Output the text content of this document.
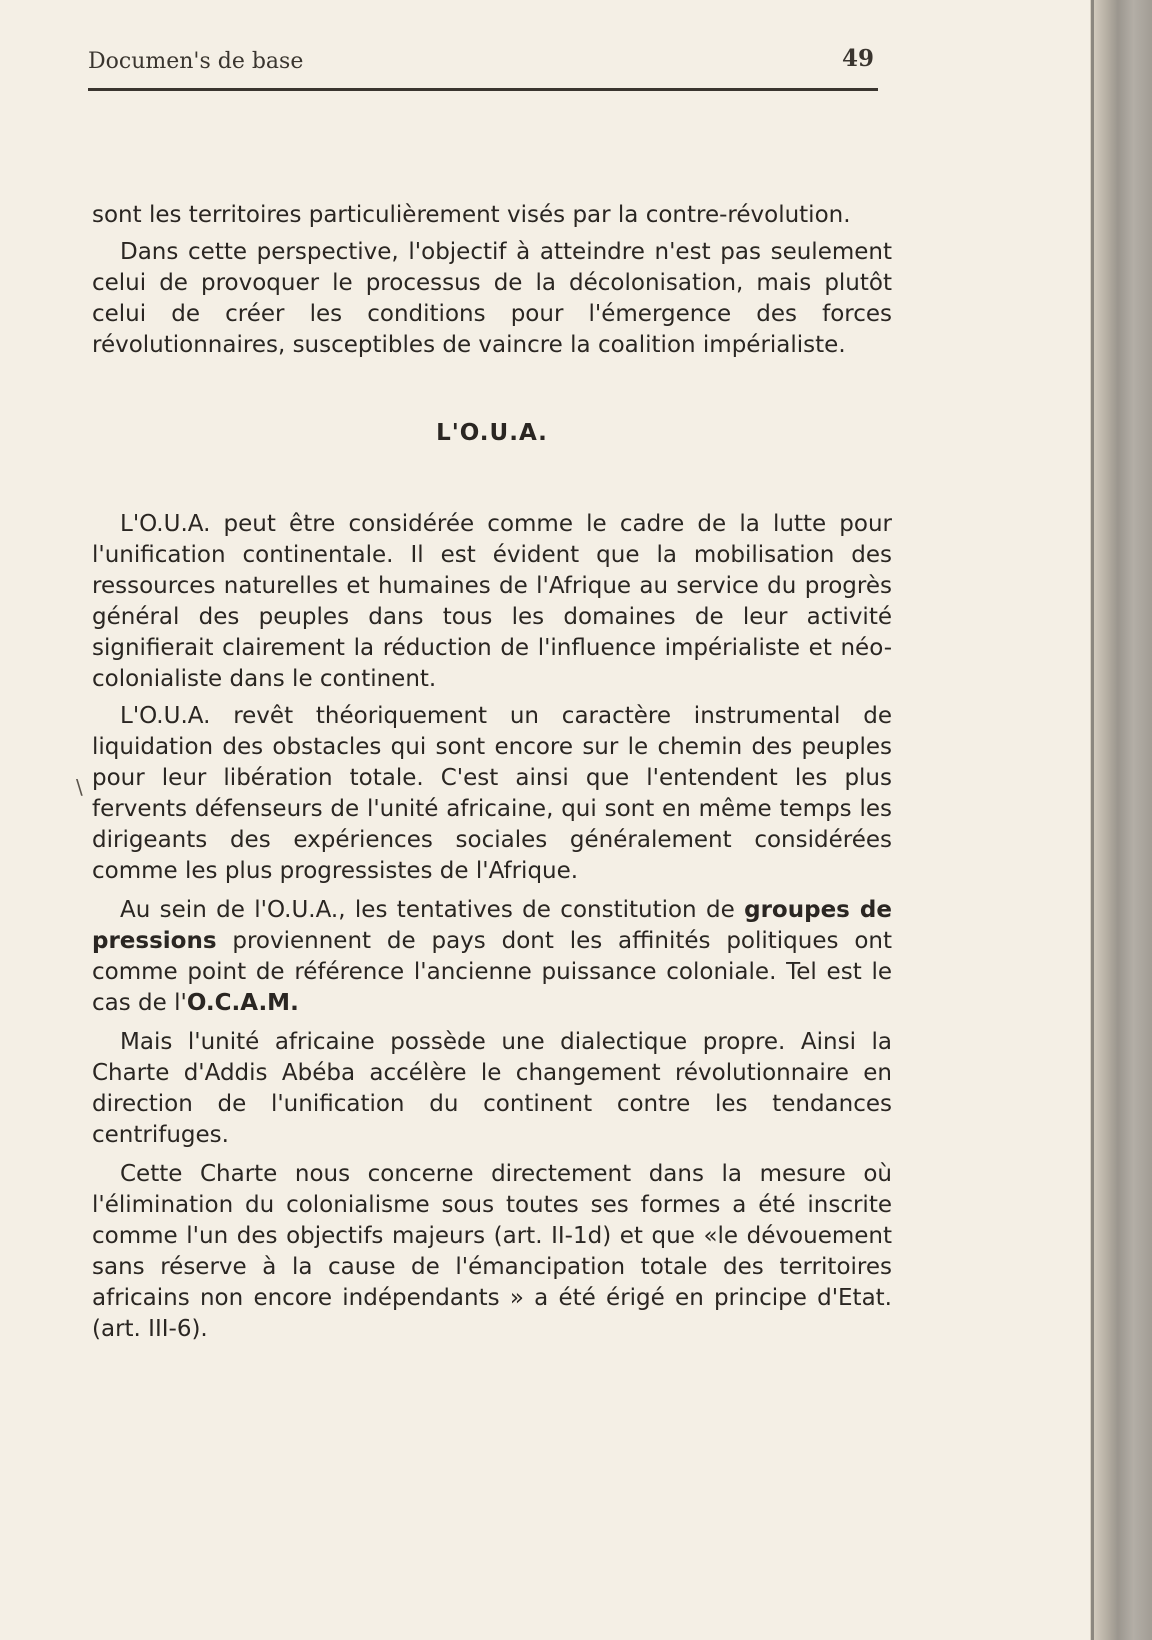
Documen's de base	49

sont les territoires particulièrement visés par la contre-révolution.

Dans cette perspective, l'objectif à atteindre n'est pas seulement celui de provoquer le processus de la décolonisation, mais plutôt celui de créer les conditions pour l'émergence des forces révolutionnaires, susceptibles de vaincre la coalition impérialiste.

L'O.U.A.

L'O.U.A. peut être considérée comme le cadre de la lutte pour l'unification continentale. Il est évident que la mobilisation des ressources naturelles et humaines de l'Afrique au service du progrès général des peuples dans tous les domaines de leur activité signifierait clairement la réduction de l'influence impérialiste et néo-colonialiste dans le continent.

L'O.U.A. revêt théoriquement un caractère instrumental de liquidation des obstacles qui sont encore sur le chemin des peuples pour leur libération totale. C'est ainsi que l'entendent les plus fervents défenseurs de l'unité africaine, qui sont en même temps les dirigeants des expériences sociales généralement considérées comme les plus progressistes de l'Afrique.

Au sein de l'O.U.A., les tentatives de constitution de groupes de pressions proviennent de pays dont les affinités politiques ont comme point de référence l'ancienne puissance coloniale. Tel est le cas de l'O.C.A.M.

Mais l'unité africaine possède une dialectique propre. Ainsi la Charte d'Addis Abéba accélère le changement révolutionnaire en direction de l'unification du continent contre les tendances centrifuges.

Cette Charte nous concerne directement dans la mesure où l'élimination du colonialisme sous toutes ses formes a été inscrite comme l'un des objectifs majeurs (art. II-1d) et que «le dévouement sans réserve à la cause de l'émancipation totale des territoires africains non encore indépendants » a été érigé en principe d'Etat. (art. III-6).

\
